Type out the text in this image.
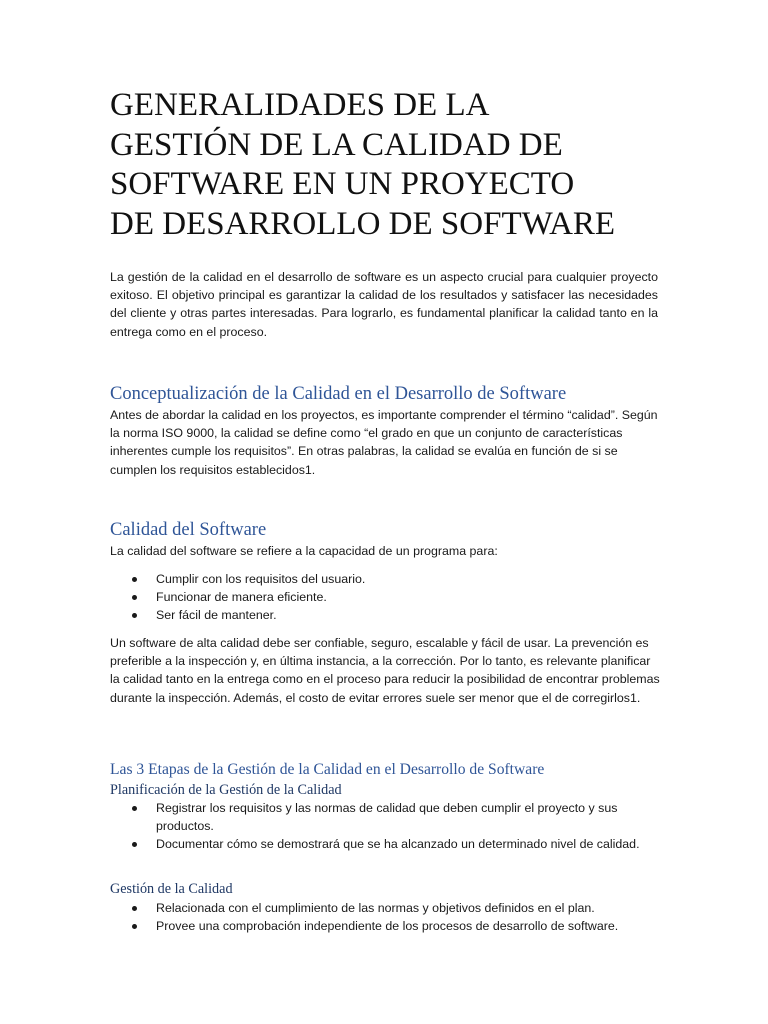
GENERALIDADES DE LA
GESTIÓN DE LA CALIDAD DE
SOFTWARE EN UN PROYECTO
DE DESARROLLO DE SOFTWARE

La gestión de la calidad en el desarrollo de software es un aspecto crucial para cualquier proyecto exitoso. El objetivo principal es garantizar la calidad de los resultados y satisfacer las necesidades del cliente y otras partes interesadas. Para lograrlo, es fundamental planificar la calidad tanto en la entrega como en el proceso.

Conceptualización de la Calidad en el Desarrollo de Software

Antes de abordar la calidad en los proyectos, es importante comprender el término “calidad”. Según la norma ISO 9000, la calidad se define como “el grado en que un conjunto de características inherentes cumple los requisitos”. En otras palabras, la calidad se evalúa en función de si se cumplen los requisitos establecidos1.

Calidad del Software

La calidad del software se refiere a la capacidad de un programa para:

Cumplir con los requisitos del usuario.
Funcionar de manera eficiente.
Ser fácil de mantener.

Un software de alta calidad debe ser confiable, seguro, escalable y fácil de usar. La prevención es preferible a la inspección y, en última instancia, a la corrección. Por lo tanto, es relevante planificar la calidad tanto en la entrega como en el proceso para reducir la posibilidad de encontrar problemas durante la inspección. Además, el costo de evitar errores suele ser menor que el de corregirlos1.

Las 3 Etapas de la Gestión de la Calidad en el Desarrollo de Software
Planificación de la Gestión de la Calidad
Registrar los requisitos y las normas de calidad que deben cumplir el proyecto y sus productos.
Documentar cómo se demostrará que se ha alcanzado un determinado nivel de calidad.
Gestión de la Calidad
Relacionada con el cumplimiento de las normas y objetivos definidos en el plan.
Provee una comprobación independiente de los procesos de desarrollo de software.
